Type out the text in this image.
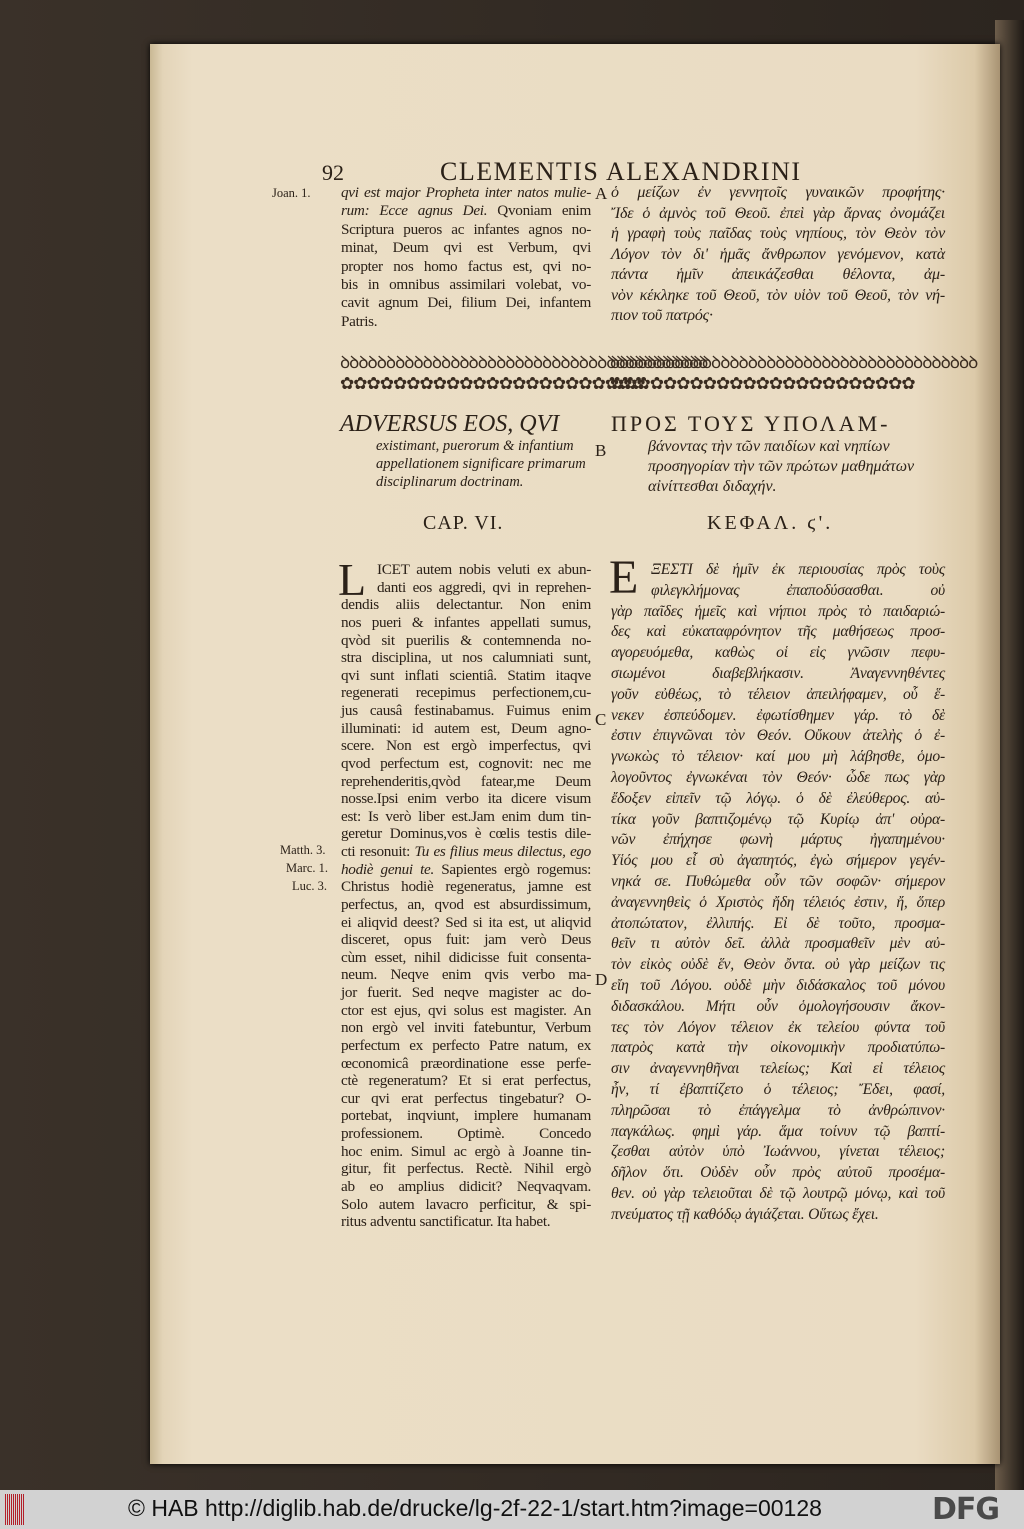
92	CLEMENTIS ALEXANDRINI
Joan. 1.
Matth. 3.
Marc. 1.
Luc. 3.
A
B
C
D
qvi est major Propheta inter natos mulie-
rum: Ecce agnus Dei. Qvoniam enim
Scriptura pueros ac infantes agnos no-
minat, Deum qvi est Verbum, qvi
propter nos homo factus est, qvi no-
bis in omnibus assimilari volebat, vo-
cavit agnum Dei, filium Dei, infantem
Patris.
ὁ μείζων ἐν γεννητοῖς γυναικῶν προφήτης·
Ἴδε ὁ ἀμνὸς τοῦ Θεοῦ. ἐπεὶ γὰρ ἄρνας ὀνομάζει
ἡ γραφὴ τοὺς παῖδας τοὺς νηπίους, τὸν Θεὸν τὸν
Λόγον τὸν δι' ἡμᾶς ἄνθρωπον γενόμενον, κατὰ
πάντα ἡμῖν ἀπεικάζεσθαι θέλοντα, ἀμ-
νὸν κέκληκε τοῦ Θεοῦ, τὸν υἱὸν τοῦ Θεοῦ, τὸν νή-
πιον τοῦ πατρός·
ꝺꝺꝺꝺꝺꝺꝺꝺꝺꝺꝺꝺꝺꝺꝺꝺꝺꝺꝺꝺꝺꝺꝺꝺꝺꝺꝺꝺꝺꝺꝺꝺꝺꝺꝺꝺꝺꝺꝺꝺ
✿✿✿✿✿✿✿✿✿✿✿✿✿✿✿✿✿✿✿✿✿✿✿
ꝺꝺꝺꝺꝺꝺꝺꝺꝺꝺꝺꝺꝺꝺꝺꝺꝺꝺꝺꝺꝺꝺꝺꝺꝺꝺꝺꝺꝺꝺꝺꝺꝺꝺꝺꝺꝺꝺꝺꝺ
✿✿✿✿✿✿✿✿✿✿✿✿✿✿✿✿✿✿✿✿✿✿✿
ADVERSUS EOS, QVI
existimant, puerorum & infantium appellationem significare primarum disciplinarum doctrinam.
ΠΡΟΣ ΤΟΥΣ ΥΠΟΛΑΜ-
βάνοντας τὴν τῶν παιδίων καὶ νηπίων προσηγορίαν τὴν τῶν πρώτων μαθημάτων αἰνίττεσθαι διδαχήν.
CAP. VI.	ΚΕΦΑΛ. ϛ'.
L ICET autem nobis veluti ex abun-
danti eos aggredi, qvi in reprehen-
dendis aliis delectantur. Non enim
nos pueri & infantes appellati sumus,
qvòd sit puerilis & contemnenda no-
stra disciplina, ut nos calumniati sunt,
qvi sunt inflati scientiâ. Statim itaqve
regenerati recepimus perfectionem,cu-
jus causâ festinabamus. Fuimus enim
illuminati: id autem est, Deum agno-
scere. Non est ergò imperfectus, qvi
qvod perfectum est, cognovit: nec me
reprehenderitis,qvòd fatear,me Deum
nosse.Ipsi enim verbo ita dicere visum
est: Is verò liber est.Jam enim dum tin-
geretur Dominus,vos è cœlis testis dile-
cti resonuit: Tu es filius meus dilectus, ego
hodiè genui te. Sapientes ergò rogemus:
Christus hodiè regeneratus, jamne est
perfectus, an, qvod est absurdissimum,
ei aliqvid deest? Sed si ita est, ut aliqvid
disceret, opus fuit: jam verò Deus
cùm esset, nihil didicisse fuit consenta-
neum. Neqve enim qvis verbo ma-
jor fuerit. Sed neqve magister ac do-
ctor est ejus, qvi solus est magister. An
non ergò vel inviti fatebuntur, Verbum
perfectum ex perfecto Patre natum, ex
œconomicâ præordinatione esse perfe-
ctè regeneratum? Et si erat perfectus,
cur qvi erat perfectus tingebatur? O-
portebat, inqviunt, implere humanam
professionem. Optimè. Concedo
hoc enim. Simul ac ergò à Joanne tin-
gitur, fit perfectus. Rectè. Nihil ergò
ab eo amplius didicit? Neqvaqvam.
Solo autem lavacro perficitur, & spi-
ritus adventu sanctificatur. Ita habet.
Ε ΞΕΣΤΙ δὲ ἡμῖν ἐκ περιουσίας πρὸς τοὺς
φιλεγκλήμονας ἐπαποδύσασθαι. οὐ
γὰρ παῖδες ἡμεῖς καὶ νήπιοι πρὸς τὸ παιδαριώ-
δες καὶ εὐκαταφρόνητον τῆς μαθήσεως προσ-
αγορευόμεθα, καθὼς οἱ εἰς γνῶσιν πεφυ-
σιωμένοι διαβεβλήκασιν. Ἀναγεννηθέντες
γοῦν εὐθέως, τὸ τέλειον ἀπειλήφαμεν, οὗ ἕ-
νεκεν ἐσπεύδομεν. ἐφωτίσθημεν γάρ. τὸ δὲ
ἐστιν ἐπιγνῶναι τὸν Θεόν. Οὔκουν ἀτελὴς ὁ ἐ-
γνωκὼς τὸ τέλειον· καί μου μὴ λάβησθε, ὁμο-
λογοῦντος ἐγνωκέναι τὸν Θεόν· ὧδε πως γὰρ
ἔδοξεν εἰπεῖν τῷ λόγῳ. ὁ δὲ ἐλεύθερος. αὐ-
τίκα γοῦν βαπτιζομένῳ τῷ Κυρίῳ ἀπ' οὐρα-
νῶν ἐπήχησε φωνὴ μάρτυς ἠγαπημένου·
Υἱός μου εἶ σὺ ἀγαπητός, ἐγὼ σήμερον γεγέν-
νηκά σε. Πυθώμεθα οὖν τῶν σοφῶν· σήμερον
ἀναγεννηθεὶς ὁ Χριστὸς ἤδη τέλειός ἐστιν, ἤ, ὅπερ
ἀτοπώτατον, ἐλλιπής. Εἰ δὲ τοῦτο, προσμα-
θεῖν τι αὐτὸν δεῖ. ἀλλὰ προσμαθεῖν μὲν αὐ-
τὸν εἰκὸς οὐδὲ ἕν, Θεὸν ὄντα. οὐ γὰρ μείζων τις
εἴη τοῦ Λόγου. οὐδὲ μὴν διδάσκαλος τοῦ μόνου
διδασκάλου. Μήτι οὖν ὁμολογήσουσιν ἄκον-
τες τὸν Λόγον τέλειον ἐκ τελείου φύντα τοῦ
πατρὸς κατὰ τὴν οἰκονομικὴν προδιατύπω-
σιν ἀναγεννηθῆναι τελείως; Καὶ εἰ τέλειος
ἦν, τί ἐβαπτίζετο ὁ τέλειος; Ἔδει, φασί,
πληρῶσαι τὸ ἐπάγγελμα τὸ ἀνθρώπινον·
παγκάλως. φημὶ γάρ. ἅμα τοίνυν τῷ βαπτί-
ζεσθαι αὐτὸν ὑπὸ Ἰωάννου, γίνεται τέλειος;
δῆλον ὅτι. Οὐδὲν οὖν πρὸς αὐτοῦ προσέμα-
θεν. οὐ γὰρ τελειοῦται δὲ τῷ λουτρῷ μόνῳ, καὶ τοῦ
πνεύματος τῇ καθόδῳ ἁγιάζεται. Οὕτως ἔχει.
© HAB http://diglib.hab.de/drucke/lg-2f-22-1/start.htm?image=00128	DFG
